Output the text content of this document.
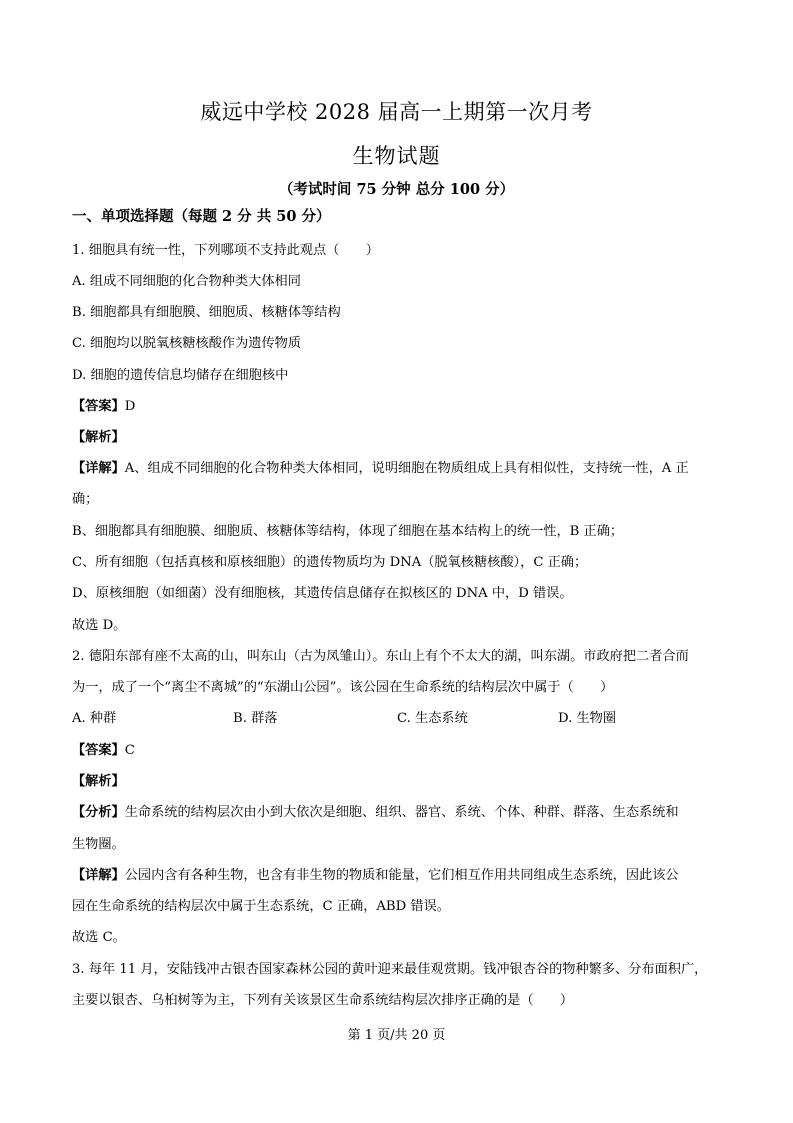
威远中学校 2028 届高一上期第一次月考
生物试题
（考试时间 75 分钟 总分 100 分）
一、单项选择题（每题 2 分 共 50 分）
1. 细胞具有统一性，下列哪项不支持此观点（　　）
A. 组成不同细胞的化合物种类大体相同
B. 细胞都具有细胞膜、细胞质、核糖体等结构
C. 细胞均以脱氧核糖核酸作为遗传物质
D. 细胞的遗传信息均储存在细胞核中
【答案】D
【解析】
【详解】A、组成不同细胞的化合物种类大体相同，说明细胞在物质组成上具有相似性，支持统一性，A 正
确；
B、细胞都具有细胞膜、细胞质、核糖体等结构，体现了细胞在基本结构上的统一性，B 正确；
C、所有细胞（包括真核和原核细胞）的遗传物质均为 DNA（脱氧核糖核酸），C 正确；
D、原核细胞（如细菌）没有细胞核，其遗传信息储存在拟核区的 DNA 中，D 错误。
故选 D。
2. 德阳东部有座不太高的山，叫东山（古为凤雏山）。东山上有个不太大的湖，叫东湖。市政府把二者合而
为一，成了一个“离尘不离城”的“东湖山公园”。该公园在生命系统的结构层次中属于（　　）
A. 种群	B. 群落	C. 生态系统	D. 生物圈
【答案】C
【解析】
【分析】生命系统的结构层次由小到大依次是细胞、组织、器官、系统、个体、种群、群落、生态系统和
生物圈。
【详解】公园内含有各种生物，也含有非生物的物质和能量，它们相互作用共同组成生态系统，因此该公
园在生命系统的结构层次中属于生态系统，C 正确，ABD 错误。
故选 C。
3. 每年 11 月，安陆钱冲古银杏国家森林公园的黄叶迎来最佳观赏期。钱冲银杏谷的物种繁多、分布面积广，
主要以银杏、乌桕树等为主，下列有关该景区生命系统结构层次排序正确的是（　　）
第 1 页/共 20 页
